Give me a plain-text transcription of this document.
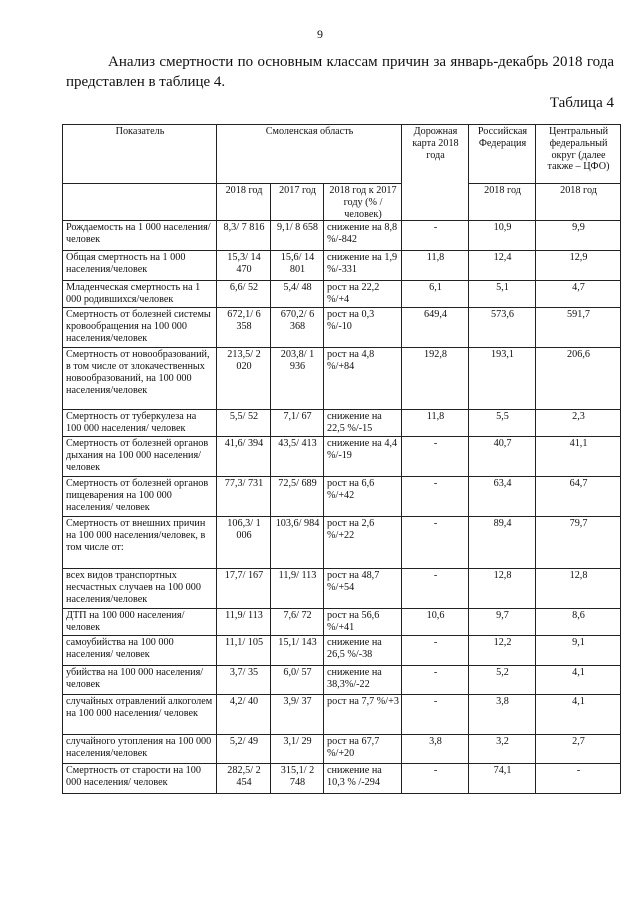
9
Анализ смертности по основным классам причин за январь-декабрь 2018 года представлен в таблице 4.
Таблица 4
Показатель	Смоленская область			Дорожная карта 2018 года	Российская Федерация	Центральный федеральный округ (далее также – ЦФО)
	2018 год	2017 год	2018 год к 2017 году (% /человек)		2018 год	2018 год
Рождаемость на 1 000 населения/человек	8,3/ 7 816	9,1/ 8 658	снижение на 8,8 %/-842	-	10,9	9,9
Общая смертность на 1 000 населения/человек	15,3/ 14 470	15,6/ 14 801	снижение на 1,9 %/-331	11,8	12,4	12,9
Младенческая смертность на 1 000 родившихся/человек	6,6/ 52	5,4/ 48	рост на 22,2 %/+4	6,1	5,1	4,7
Смертность от болезней системы кровообращения на 100 000 населения/человек	672,1/ 6 358	670,2/ 6 368	рост на 0,3 %/-10	649,4	573,6	591,7
Смертность от новообразований, в том числе от злокачественных новообразований, на 100 000 населения/человек	213,5/ 2 020	203,8/ 1 936	рост на 4,8 %/+84	192,8	193,1	206,6
Смертность от туберкулеза на 100 000 населения/ человек	5,5/ 52	7,1/ 67	снижение на 22,5 %/-15	11,8	5,5	2,3
Смертность от болезней органов дыхания на 100 000 населения/ человек	41,6/ 394	43,5/ 413	снижение на 4,4 %/-19	-	40,7	41,1
Смертность от болезней органов пищеварения на 100 000 населения/ человек	77,3/ 731	72,5/ 689	рост на 6,6 %/+42	-	63,4	64,7
Смертность от внешних причин на 100 000 населения/человек, в том числе от:	106,3/ 1 006	103,6/ 984	рост на 2,6 %/+22	-	89,4	79,7
всех видов транспортных несчастных случаев на 100 000 населения/человек	17,7/ 167	11,9/ 113	рост на 48,7 %/+54	-	12,8	12,8
ДТП на 100 000 населения/человек	11,9/ 113	7,6/ 72	рост на 56,6 %/+41	10,6	9,7	8,6
самоубийства на 100 000 населения/ человек	11,1/ 105	15,1/ 143	снижение на 26,5 %/-38	-	12,2	9,1
убийства на 100 000 населения/ человек	3,7/ 35	6,0/ 57	снижение на 38,3%/-22	-	5,2	4,1
случайных отравлений алкоголем на 100 000 населения/ человек	4,2/ 40	3,9/ 37	рост на 7,7 %/+3	-	3,8	4,1
случайного утопления на 100 000 населения/человек	5,2/ 49	3,1/ 29	рост на 67,7 %/+20	3,8	3,2	2,7
Смертность от старости на 100 000 населения/ человек	282,5/ 2 454	315,1/ 2 748	снижение на 10,3 % /-294	-	74,1	-
